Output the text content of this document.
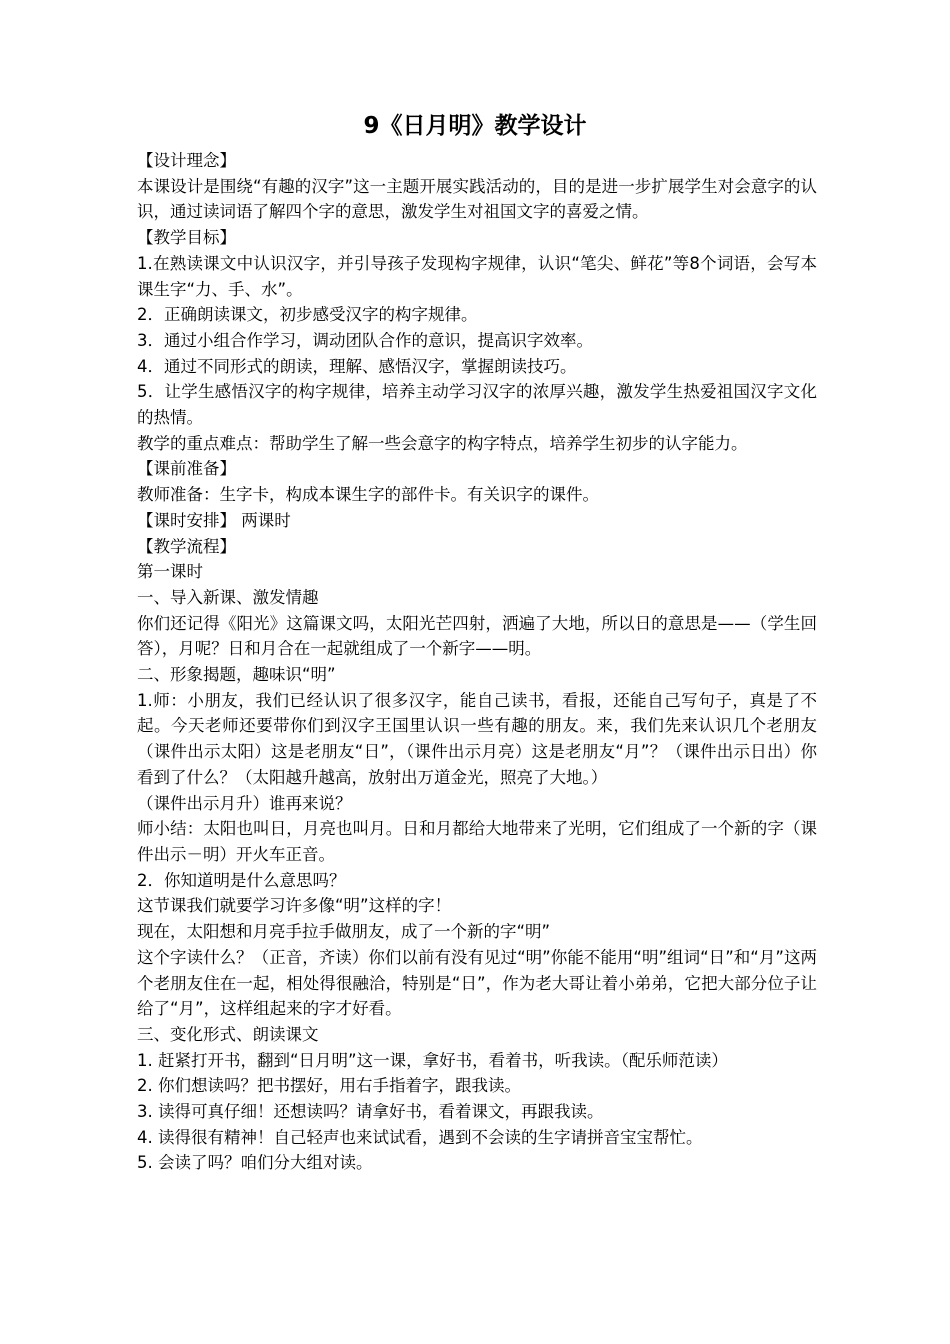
9《日月明》教学设计

【设计理念】

本课设计是围绕“有趣的汉字”这一主题开展实践活动的，目的是进一步扩展学生对会意字的认识，通过读词语了解四个字的意思，激发学生对祖国文字的喜爱之情。

【教学目标】

1.在熟读课文中认识汉字，并引导孩子发现构字规律，认识“笔尖、鲜花”等8个词语，会写本课生字“力、手、水”。

2．正确朗读课文，初步感受汉字的构字规律。

3．通过小组合作学习，调动团队合作的意识，提高识字效率。

4．通过不同形式的朗读，理解、感悟汉字，掌握朗读技巧。

5．让学生感悟汉字的构字规律，培养主动学习汉字的浓厚兴趣，激发学生热爱祖国汉字文化的热情。

教学的重点难点：帮助学生了解一些会意字的构字特点，培养学生初步的认字能力。

【课前准备】

教师准备：生字卡，构成本课生字的部件卡。有关识字的课件。

【课时安排】 两课时

【教学流程】

第一课时

一、导入新课、激发情趣

你们还记得《阳光》这篇课文吗，太阳光芒四射，洒遍了大地，所以日的意思是——（学生回答），月呢？日和月合在一起就组成了一个新字——明。

二、形象揭题，趣味识“明”

1.师：小朋友，我们已经认识了很多汉字，能自己读书，看报，还能自己写句子，真是了不起。今天老师还要带你们到汉字王国里认识一些有趣的朋友。来，我们先来认识几个老朋友（课件出示太阳）这是老朋友“日”，（课件出示月亮）这是老朋友“月”？（课件出示日出）你看到了什么？（太阳越升越高，放射出万道金光，照亮了大地。）

（课件出示月升）谁再来说？

师小结：太阳也叫日，月亮也叫月。日和月都给大地带来了光明，它们组成了一个新的字（课件出示－明）开火车正音。

2．你知道明是什么意思吗？

这节课我们就要学习许多像“明”这样的字！

现在，太阳想和月亮手拉手做朋友，成了一个新的字“明”

这个字读什么？（正音，齐读）你们以前有没有见过“明”你能不能用“明”组词“日”和“月”这两个老朋友住在一起，相处得很融洽，特别是“日”，作为老大哥让着小弟弟，它把大部分位子让给了“月”，这样组起来的字才好看。

三、变化形式、朗读课文

1. 赶紧打开书，翻到“日月明”这一课，拿好书，看着书，听我读。（配乐师范读）

2. 你们想读吗？把书摆好，用右手指着字，跟我读。

3. 读得可真仔细！还想读吗？请拿好书，看着课文，再跟我读。

4. 读得很有精神！自己轻声也来试试看，遇到不会读的生字请拼音宝宝帮忙。

5. 会读了吗？咱们分大组对读。
